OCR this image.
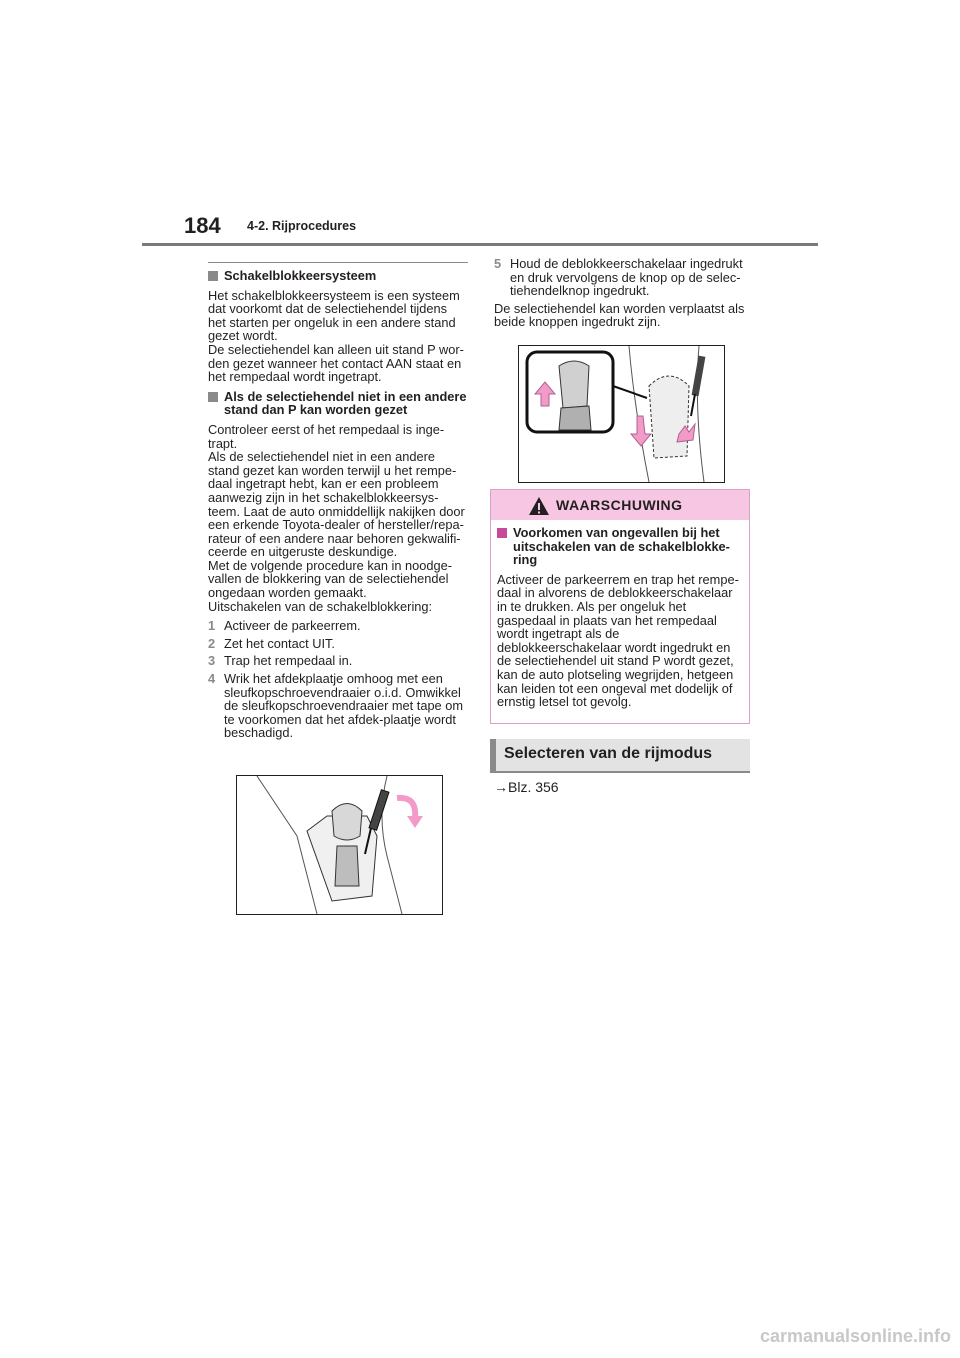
184 4-2. Rijprocedures
Schakelblokkeersysteem

Het schakelblokkeersysteem is een systeem
dat voorkomt dat de selectiehendel tijdens
het starten per ongeluk in een andere stand
gezet wordt.
De selectiehendel kan alleen uit stand P wor-
den gezet wanneer het contact AAN staat en
het rempedaal wordt ingetrapt.

Als de selectiehendel niet in een andere stand dan P kan worden gezet

Controleer eerst of het rempedaal is inge-
trapt.
Als de selectiehendel niet in een andere
stand gezet kan worden terwijl u het rempe-
daal ingetrapt hebt, kan er een probleem
aanwezig zijn in het schakelblokkeersys-
teem. Laat de auto onmiddellijk nakijken door
een erkende Toyota-dealer of hersteller/repa-
rateur of een andere naar behoren gekwalifi-
ceerde en uitgeruste deskundige.
Met de volgende procedure kan in noodge-
vallen de blokkering van de selectiehendel
ongedaan worden gemaakt.
Uitschakelen van de schakelblokkering:

1 Activeer de parkeerrem.
2 Zet het contact UIT.
3 Trap het rempedaal in.
4 Wrik het afdekplaatje omhoog met een sleufkopschroevendraaier o.i.d. Omwikkel de sleufkopschroevendraaier met tape om te voorkomen dat het afdek-plaatje wordt beschadigd.
5 Houd de deblokkeerschakelaar ingedrukt en druk vervolgens de knop op de selec-tiehendelknop ingedrukt.

De selectiehendel kan worden verplaatst als beide knoppen ingedrukt zijn.

WAARSCHUWING
Voorkomen van ongevallen bij het uitschakelen van de schakelblokke-ring

Activeer de parkeerrem en trap het rempe-daal in alvorens de deblokkeerschakelaar in te drukken. Als per ongeluk het gaspedaal in plaats van het rempedaal wordt ingetrapt als de deblokkeerschakelaar wordt ingedrukt en de selectiehendel uit stand P wordt gezet, kan de auto plotseling wegrijden, hetgeen kan leiden tot een ongeval met dodelijk of ernstig letsel tot gevolg.

Selecteren van de rijmodus
→Blz. 356
carmanualsonline.info
